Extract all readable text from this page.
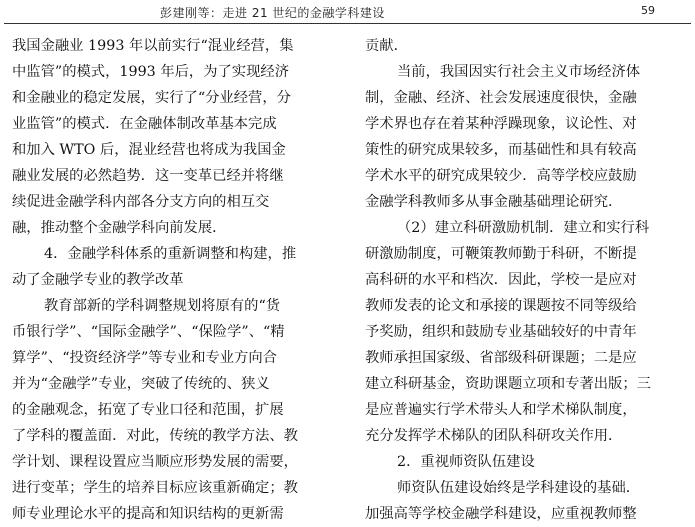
彭建刚等：走进 21 世纪的金融学科建设	59
我国金融业 1993 年以前实行“混业经营，集
中监管”的模式，1993 年后，为了实现经济
和金融业的稳定发展，实行了“分业经营，分
业监管”的模式．在金融体制改革基本完成
和加入 WTO 后，混业经营也将成为我国金
融业发展的必然趋势．这一变革已经并将继
续促进金融学科内部各分支方向的相互交
融，推动整个金融学科向前发展．
4．金融学科体系的重新调整和构建，推
动了金融学专业的教学改革
教育部新的学科调整规划将原有的“货
币银行学”、“国际金融学”、“保险学”、“精
算学”、“投资经济学”等专业和专业方向合
并为“金融学”专业，突破了传统的、狭义
的金融观念，拓宽了专业口径和范围，扩展
了学科的覆盖面．对此，传统的教学方法、教
学计划、课程设置应当顺应形势发展的需要，
进行变革；学生的培养目标应该重新确定；教
师专业理论水平的提高和知识结构的更新需
贡献．
当前，我国因实行社会主义市场经济体
制，金融、经济、社会发展速度很快，金融
学术界也存在着某种浮躁现象，议论性、对
策性的研究成果较多，而基础性和具有较高
学术水平的研究成果较少．高等学校应鼓励
金融学科教师多从事金融基础理论研究．
（2）建立科研激励机制．建立和实行科
研激励制度，可鞭策教师勤于科研，不断提
高科研的水平和档次．因此，学校一是应对
教师发表的论文和承接的课题按不同等级给
予奖励，组织和鼓励专业基础较好的中青年
教师承担国家级、省部级科研课题；二是应
建立科研基金，资助课题立项和专著出版；三
是应普遍实行学术带头人和学术梯队制度，
充分发挥学术梯队的团队科研攻关作用．
2．重视师资队伍建设
师资队伍建设始终是学科建设的基础．
加强高等学校金融学科建设，应重视教师整
